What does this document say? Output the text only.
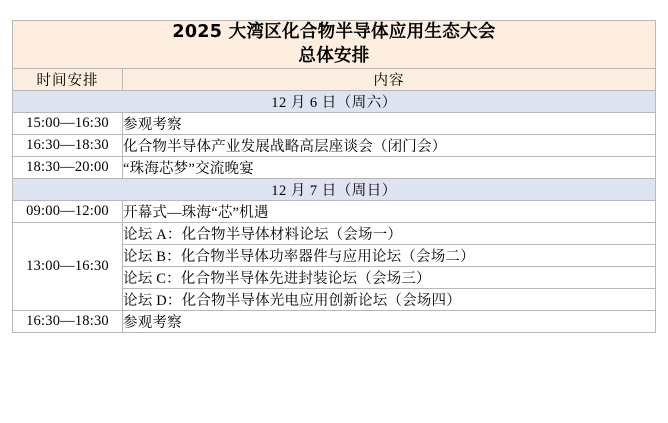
2025 大湾区化合物半导体应用生态大会
总体安排	

时间安排	内容
12 月 6 日（周六）	
15:00—16:30	参观考察
16:30—18:30	化合物半导体产业发展战略高层座谈会（闭门会）
18:30—20:00	“珠海芯梦”交流晚宴
12 月 7 日（周日）	
09:00—12:00	开幕式—珠海“芯”机遇
13:00—16:30	论坛 A：化合物半导体材料论坛（会场一）
	论坛 B：化合物半导体功率器件与应用论坛（会场二）
	论坛 C：化合物半导体先进封装论坛（会场三）
	论坛 D：化合物半导体光电应用创新论坛（会场四）
16:30—18:30	参观考察
